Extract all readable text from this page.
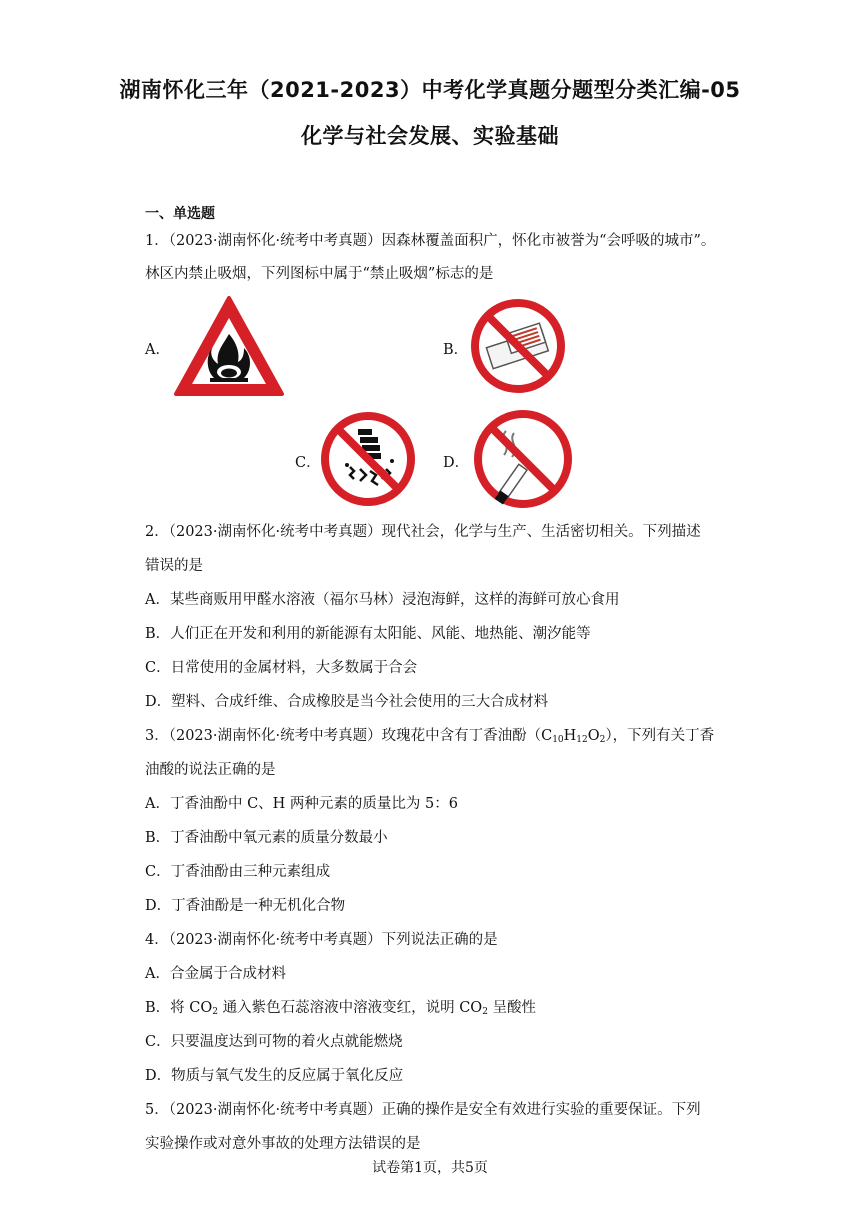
湖南怀化三年（2021-2023）中考化学真题分题型分类汇编-05
化学与社会发展、实验基础
一、单选题
1．（2023·湖南怀化·统考中考真题）因森林覆盖面积广，怀化市被誉为“会呼吸的城市”。
林区内禁止吸烟，下列图标中属于“禁止吸烟”标志的是
A．	B．
C．	D．
2．（2023·湖南怀化·统考中考真题）现代社会，化学与生产、生活密切相关。下列描述
错误的是
A．某些商贩用甲醛水溶液（福尔马林）浸泡海鲜，这样的海鲜可放心食用
B．人们正在开发和利用的新能源有太阳能、风能、地热能、潮汐能等
C．日常使用的金属材料，大多数属于合会
D．塑料、合成纤维、合成橡胶是当今社会使用的三大合成材料
3．（2023·湖南怀化·统考中考真题）玫瑰花中含有丁香油酚$(C_{10}H_{12}O_2)$，下列有关丁香
油酸的说法正确的是
A．丁香油酚中 C、H 两种元素的质量比为 5：6
B．丁香油酚中氧元素的质量分数最小
C．丁香油酚由三种元素组成
D．丁香油酚是一种无机化合物
4．（2023·湖南怀化·统考中考真题）下列说法正确的是
A．合金属于合成材料
B．将 $CO_2$ 通入紫色石蕊溶液中溶液变红，说明 $CO_2$ 呈酸性
C．只要温度达到可物的着火点就能燃烧
D．物质与氧气发生的反应属于氧化反应
5．（2023·湖南怀化·统考中考真题）正确的操作是安全有效进行实验的重要保证。下列
实验操作或对意外事故的处理方法错误的是
试卷第1页，共5页
